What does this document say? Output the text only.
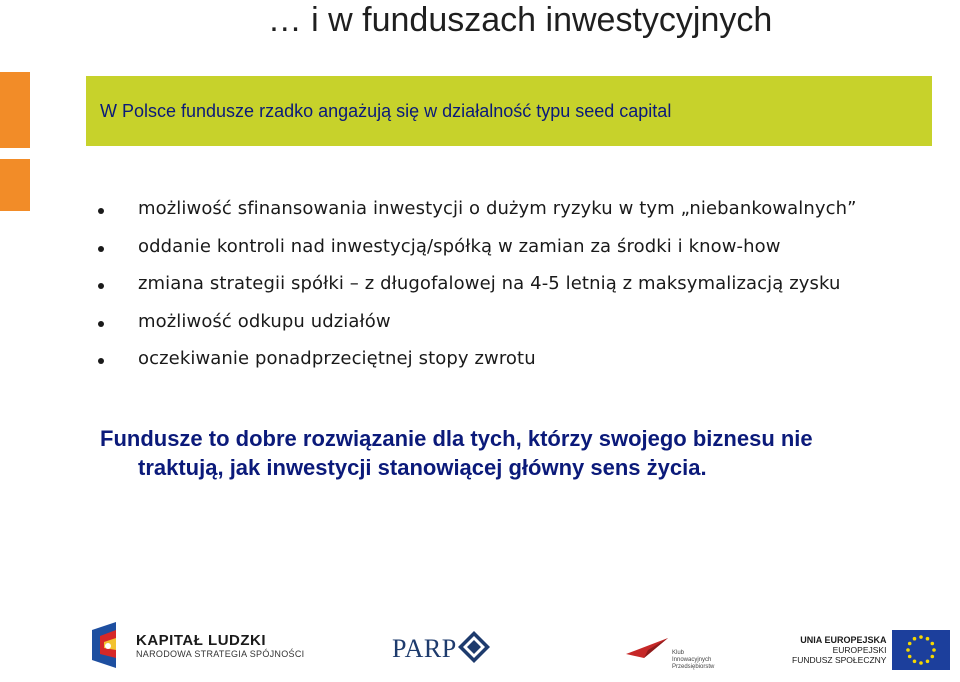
… i w funduszach inwestycyjnych
W Polsce fundusze rzadko angażują się w działalność typu seed capital
możliwość sfinansowania inwestycji o dużym ryzyku w tym „niebankowalnych”
oddanie kontroli nad inwestycją/spółką w zamian za środki i know-how
zmiana strategii spółki – z długofalowej na 4-5 letnią z maksymalizacją zysku
możliwość odkupu udziałów
oczekiwanie ponadprzeciętnej stopy zwrotu
Fundusze to dobre rozwiązanie dla tych, którzy swojego biznesu nie
traktują, jak inwestycji stanowiącej główny sens życia.
KAPITAŁ LUDZKI
NARODOWA STRATEGIA SPÓJNOŚCI	PARP	Klub
Innowacyjnych
Przedsiębiorstw
UNIA EUROPEJSKA
EUROPEJSKI
FUNDUSZ SPOŁECZNY
